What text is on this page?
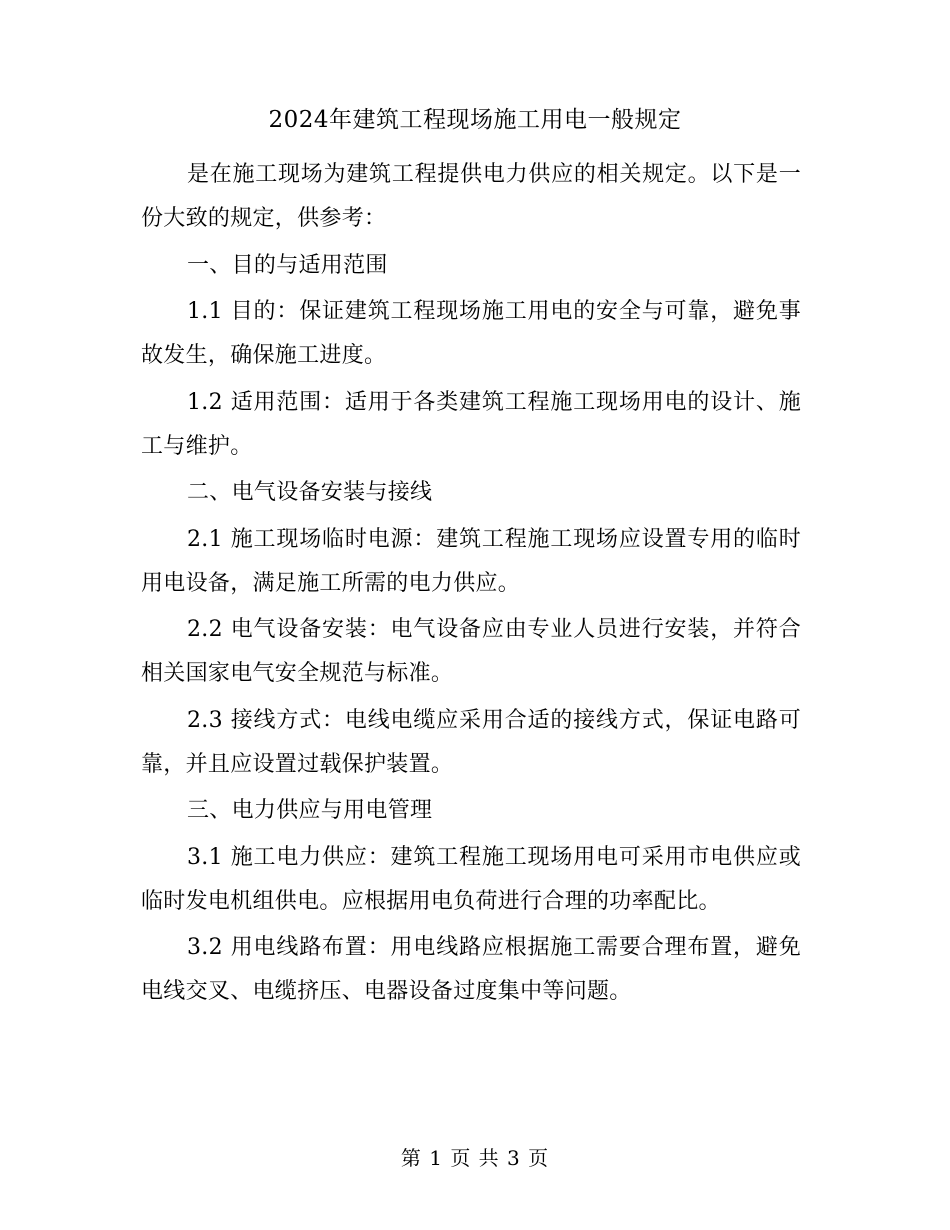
2024年建筑工程现场施工用电一般规定

是在施工现场为建筑工程提供电力供应的相关规定。以下是一份大致的规定，供参考：

一、目的与适用范围

1.1 目的：保证建筑工程现场施工用电的安全与可靠，避免事故发生，确保施工进度。

1.2 适用范围：适用于各类建筑工程施工现场用电的设计、施工与维护。

二、电气设备安装与接线

2.1 施工现场临时电源：建筑工程施工现场应设置专用的临时用电设备，满足施工所需的电力供应。

2.2 电气设备安装：电气设备应由专业人员进行安装，并符合相关国家电气安全规范与标准。

2.3 接线方式：电线电缆应采用合适的接线方式，保证电路可靠，并且应设置过载保护装置。

三、电力供应与用电管理

3.1 施工电力供应：建筑工程施工现场用电可采用市电供应或临时发电机组供电。应根据用电负荷进行合理的功率配比。

3.2 用电线路布置：用电线路应根据施工需要合理布置，避免电线交叉、电缆挤压、电器设备过度集中等问题。

第 1 页 共 3 页
